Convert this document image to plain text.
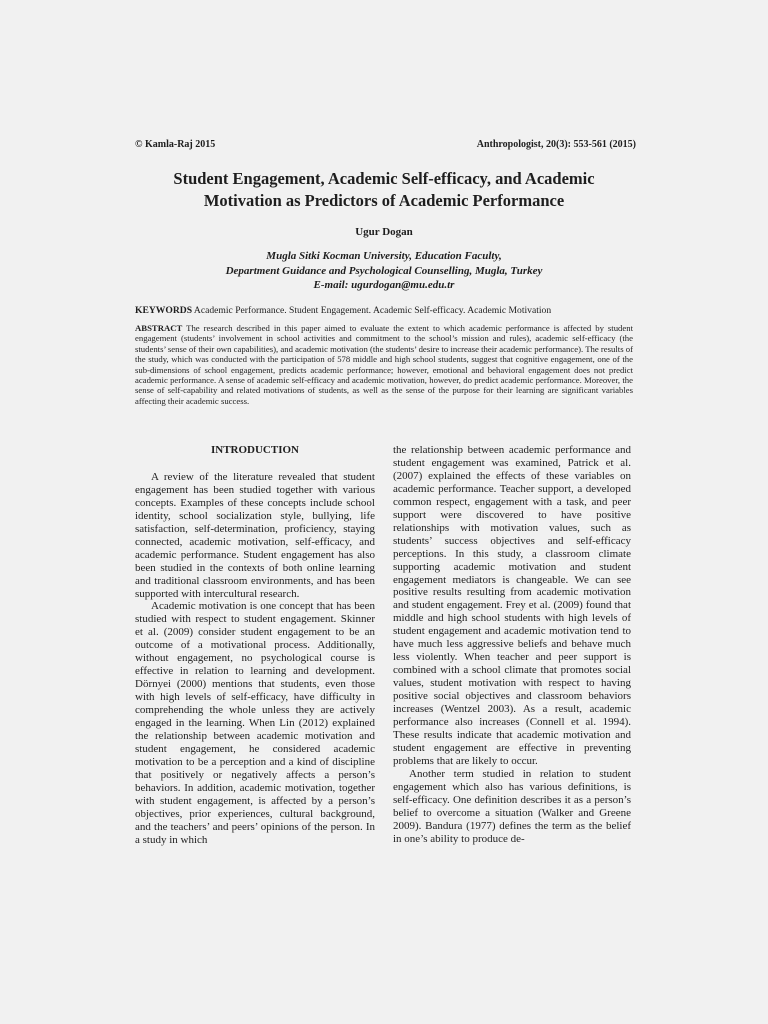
© Kamla-Raj 2015	Anthropologist, 20(3): 553-561 (2015)
Student Engagement, Academic Self-efficacy, and Academic
Motivation as Predictors of Academic Performance
Ugur Dogan
Mugla Sitki Kocman University, Education Faculty,
Department Guidance and Psychological Counselling, Mugla, Turkey
E-mail: ugurdogan@mu.edu.tr
KEYWORDS Academic Performance. Student Engagement. Academic Self-efficacy. Academic Motivation
ABSTRACT The research described in this paper aimed to evaluate the extent to which academic performance is affected by student engagement (students’ involvement in school activities and commitment to the school’s mission and rules), academic self-efficacy (the students’ sense of their own capabilities), and academic motivation (the students’ desire to increase their academic performance). The results of the study, which was conducted with the participation of 578 middle and high school students, suggest that cognitive engagement, one of the sub-dimensions of school engagement, predicts academic performance; however, emotional and behavioral engagement does not predict academic performance. A sense of academic self-efficacy and academic motivation, however, do predict academic performance. Moreover, the sense of self-capability and related motivations of students, as well as the sense of the purpose for their learning are significant variables affecting their academic success.
INTRODUCTION

A review of the literature revealed that student engagement has been studied together with various concepts. Examples of these concepts include school identity, school socialization style, bullying, life satisfaction, self-determination, proficiency, staying connected, academic motivation, self-efficacy, and academic performance. Student engagement has also been studied in the contexts of both online learning and traditional classroom environments, and has been supported with intercultural research.

Academic motivation is one concept that has been studied with respect to student engagement. Skinner et al. (2009) consider student engagement to be an outcome of a motivational process. Additionally, without engagement, no psychological course is effective in relation to learning and development. Dörnyei (2000) mentions that students, even those with high levels of self-efficacy, have difficulty in comprehending the whole unless they are actively engaged in the learning. When Lin (2012) explained the relationship between academic motivation and student engagement, he considered academic motivation to be a perception and a kind of discipline that positively or negatively affects a person’s behaviors. In addition, academic motivation, together with student engagement, is affected by a person’s objectives, prior experiences, cultural background, and the teachers’ and peers’ opinions of the person. In a study in which

the relationship between academic performance and student engagement was examined, Patrick et al. (2007) explained the effects of these variables on academic performance. Teacher support, a developed common respect, engagement with a task, and peer support were discovered to have positive relationships with motivation values, such as students’ success objectives and self-efficacy perceptions. In this study, a classroom climate supporting academic motivation and student engagement mediators is changeable. We can see positive results resulting from academic motivation and student engagement. Frey et al. (2009) found that middle and high school students with high levels of student engagement and academic motivation tend to have much less aggressive beliefs and behave much less violently. When teacher and peer support is combined with a school climate that promotes social values, student motivation with respect to having positive social objectives and classroom behaviors increases (Wentzel 2003). As a result, academic performance also increases (Connell et al. 1994). These results indicate that academic motivation and student engagement are effective in preventing problems that are likely to occur.

Another term studied in relation to student engagement which also has various definitions, is self-efficacy. One definition describes it as a person’s belief to overcome a situation (Walker and Greene 2009). Bandura (1977) defines the term as the belief in one’s ability to produce de-
